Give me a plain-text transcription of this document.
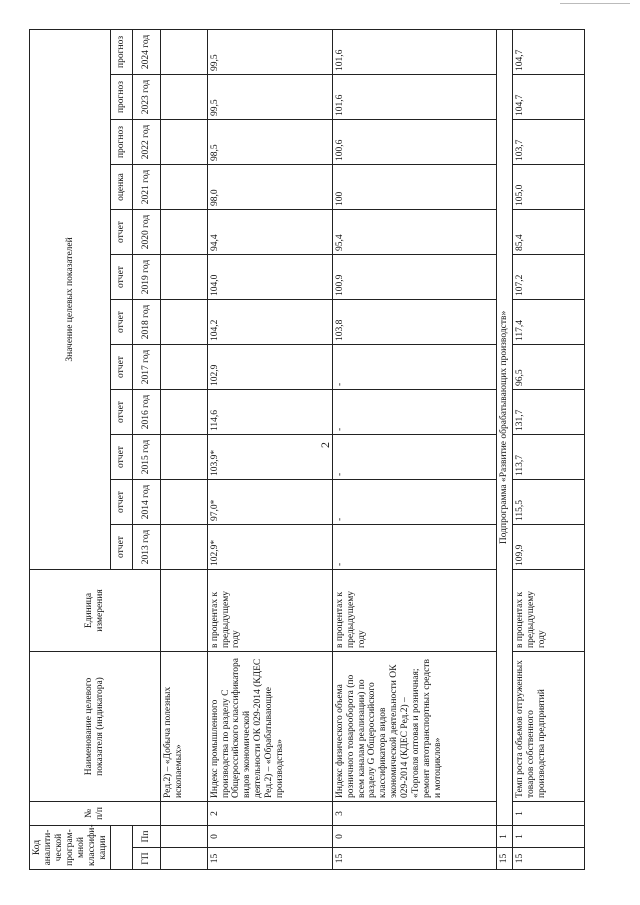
2
Код аналити-ческой програм-мной классифи-кации		№ п/п	Наименование целевого показателя (индикатора)	Единица измерения	Значение целевых показателей											
					отчет	отчет	отчет	отчет	отчет	отчет	отчет	отчет	оценка	прогноз	прогноз	прогноз
ГП	Пп				2013 год	2014 год	2015 год	2016 год	2017 год	2018 год	2019 год	2020 год	2021 год	2022 год	2023 год	2024 год
			Ред.2) – «Добыча полезных ископаемых»													
15	0	2	Индекс промышленного производства по разделу C Общероссийского классификатора видов экономической деятельности ОК 029-2014 (КДЕС Ред.2) – «Обрабатывающие производства»	в процентах к предыдущему году	102,9*	97,0*	103,9*	114,6	102,9	104,2	104,0	94,4	98,0	98,5	99,5	99,5
15	0	3	Индекс физического объема розничного товарооборота (по всем каналам реализации) по разделу G Общероссийского классификатора видов экономической деятельности ОК 029-2014 (КДЕС Ред.2) – «Торговля оптовая и розничная; ремонт автотранспортных средств и мотоциклов»	в процентах к предыдущему году	-	-	-	-	-	103,8	100,9	95,4	100	100,6	101,6	101,6
15	1	Подпрограмма «Развитие обрабатывающих производств»														
15	1	1	Темп роста объемов отгруженных товаров собственного производства предприятий	в процентах к предыдущему году	109,9	115,5	113,7	131,7	96,5	117,4	107,2	85,4	105,0	103,7	104,7	104,7
